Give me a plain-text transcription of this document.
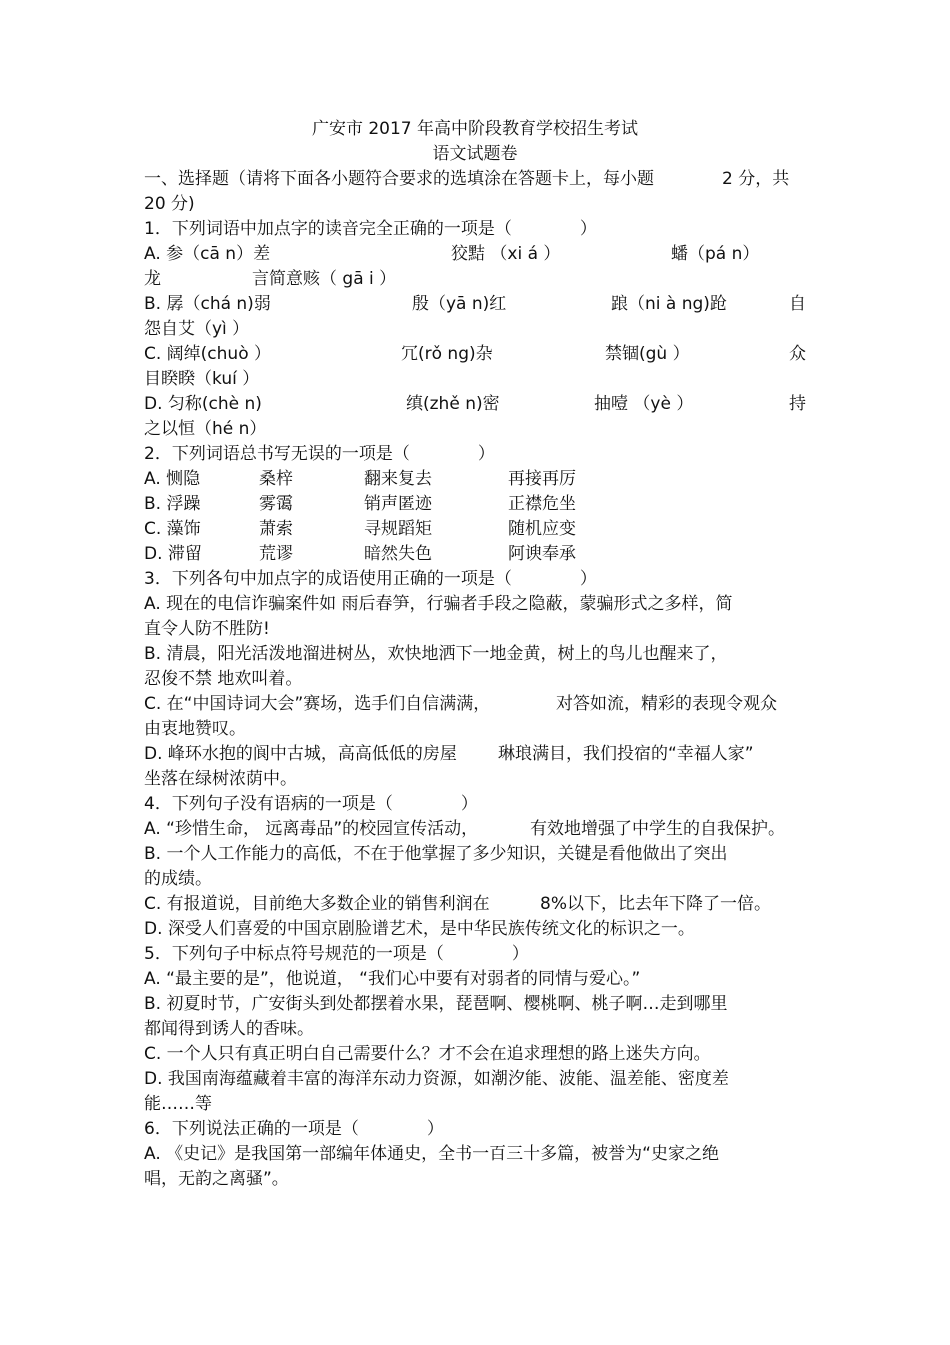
广安市 2017 年高中阶段教育学校招生考试
语文试题卷
一、选择题（请将下面各小题符合要求的选填涂在答题卡上，每小题	2 分，共
20 分)
1．下列词语中加点字的读音完全正确的一项是（　　　　）
A. 参（cā n）差	狡黠 （xi á ）	蟠（pá n）
龙	言简意赅（ gā i ）
B. 孱（chá n)弱	殷（yā n)红	踉（ni à ng)跄	自
怨自艾（yì ）
C. 阔绰(chuò ）	冗(rǒ ng)杂	禁锢(gù ）	众
目睽睽（kuí ）
D. 匀称(chè n)	缜(zhě n)密	抽噎 （yè ）	持
之以恒（hé n）
2．下列词语总书写无误的一项是（　　　　）
A. 恻隐	桑梓	翻来复去	再接再厉
B. 浮躁	雾霭	销声匿迹	正襟危坐
C. 藻饰	萧索	寻规蹈矩	随机应变
D. 滞留	荒谬	暗然失色	阿谀奉承
3．下列各句中加点字的成语使用正确的一项是（　　　　）
A. 现在的电信诈骗案件如 雨后春笋，行骗者手段之隐蔽，蒙骗形式之多样，简
直令人防不胜防!
B. 清晨，阳光活泼地溜进树丛，欢快地洒下一地金黄，树上的鸟儿也醒来了，
忍俊不禁 地欢叫着。
C. 在“中国诗词大会”赛场，选手们自信满满，	对答如流，精彩的表现令观众
由衷地赞叹。
D. 峰环水抱的阆中古城，高高低低的房屋 琳琅满目，我们投宿的“幸福人家”
坐落在绿树浓荫中。
4．下列句子没有语病的一项是（　　　　）
A. “珍惜生命， 远离毒品”的校园宣传活动，	有效地增强了中学生的自我保护。
B. 一个人工作能力的高低，不在于他掌握了多少知识，关键是看他做出了突出
的成绩。
C. 有报道说，目前绝大多数企业的销售利润在	8%以下，比去年下降了一倍。
D. 深受人们喜爱的中国京剧脸谱艺术，是中华民族传统文化的标识之一。
5．下列句子中标点符号规范的一项是（　　　　）
A. “最主要的是”，他说道， “我们心中要有对弱者的同情与爱心。”
B. 初夏时节，广安街头到处都摆着水果，琵琶啊、樱桃啊、桃子啊…走到哪里
都闻得到诱人的香味。
C. 一个人只有真正明白自己需要什么？才不会在追求理想的路上迷失方向。
D. 我国南海蕴藏着丰富的海洋东动力资源，如潮汐能、波能、温差能、密度差
能……等
6．下列说法正确的一项是（　　　　）
A. 《史记》是我国第一部编年体通史，全书一百三十多篇，被誉为“史家之绝
唱，无韵之离骚”。
